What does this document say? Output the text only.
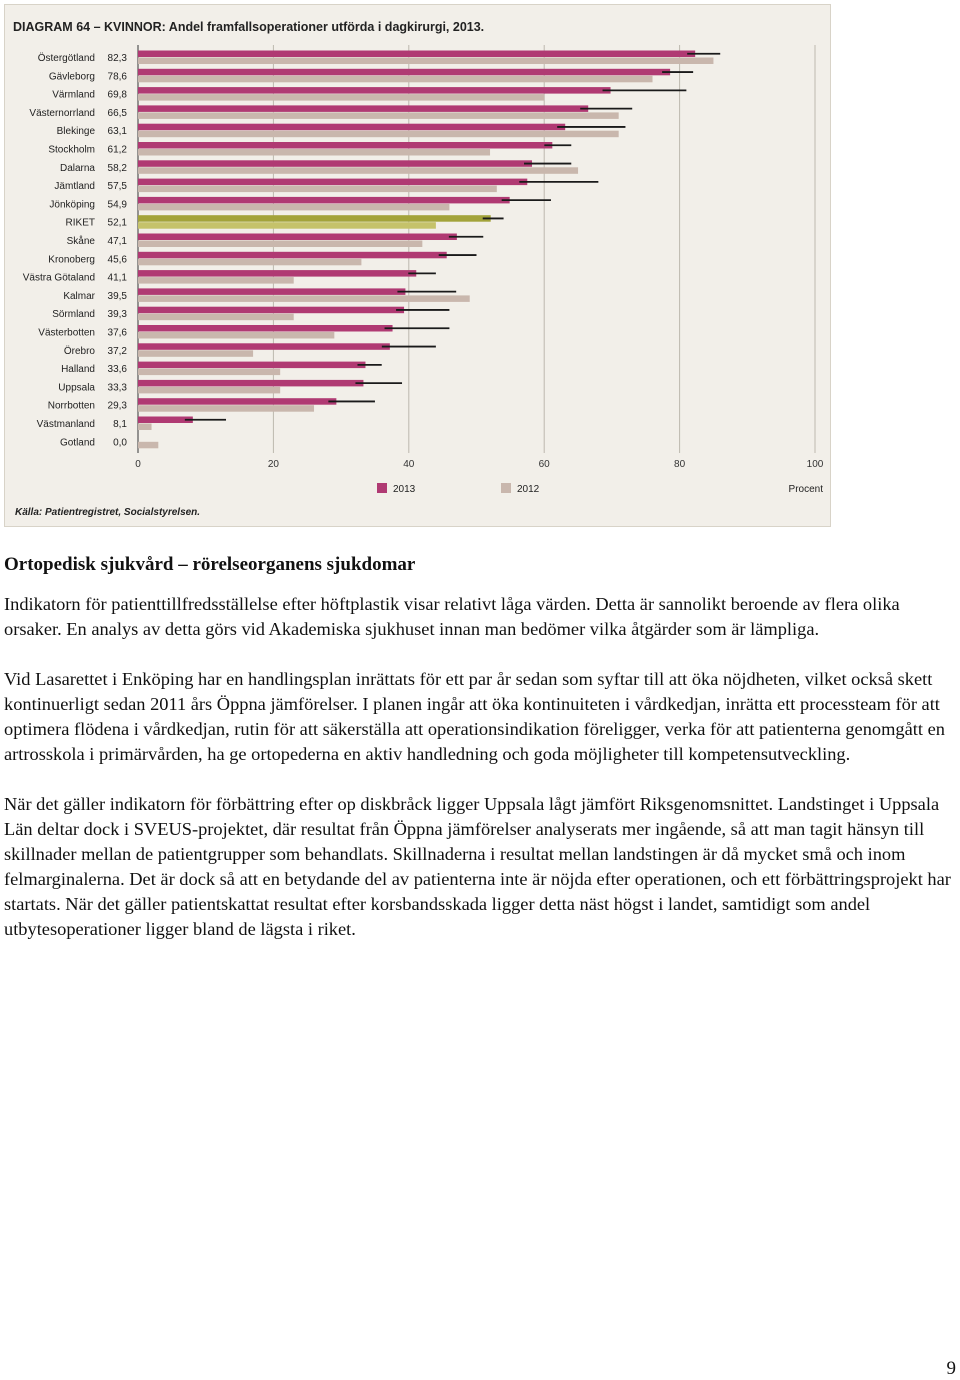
DIAGRAM 64 – KVINNOR: Andel framfallsoperationer utförda i dagkirurgi, 2013.
0	20	40	60	80	100
Östergötland 82,3
Gävleborg 78,6
Värmland 69,8
Västernorrland 66,5
Blekinge 63,1
Stockholm 61,2
Dalarna 58,2
Jämtland 57,5
Jönköping 54,9
RIKET 52,1
Skåne 47,1
Kronoberg 45,6
Västra Götaland 41,1
Kalmar 39,5
Sörmland 39,3
Västerbotten 37,6
Örebro 37,2
Halland 33,6
Uppsala 33,3
Norrbotten 29,3
Västmanland 8,1
Gotland 0,0
2013	2012	Procent
Källa: Patientregistret, Socialstyrelsen.

Ortopedisk sjukvård – rörelseorganens sjukdomar

Indikatorn för patienttillfredsställelse efter höftplastik visar relativt låga värden. Detta är sannolikt beroende av flera olika orsaker. En analys av detta görs vid Akademiska sjukhuset innan man bedömer vilka åtgärder som är lämpliga.

Vid Lasarettet i Enköping har en handlingsplan inrättats för ett par år sedan som syftar till att öka nöjdheten, vilket också skett kontinuerligt sedan 2011 års Öppna jämförelser. I planen ingår att öka kontinuiteten i vårdkedjan, inrätta ett processteam för att optimera flödena i vårdkedjan, rutin för att säkerställa att operationsindikation föreligger, verka för att patienterna genomgått en artrosskola i primärvården, ha ge ortopederna en aktiv handledning och goda möjligheter till kompetensutveckling.

När det gäller indikatorn för förbättring efter op diskbråck ligger Uppsala lågt jämfört Riksgenomsnittet. Landstinget i Uppsala Län deltar dock i SVEUS-projektet, där resultat från Öppna jämförelser analyserats mer ingående, så att man tagit hänsyn till skillnader mellan de patientgrupper som behandlats. Skillnaderna i resultat mellan landstingen är då mycket små och inom felmarginalerna. Det är dock så att en betydande del av patienterna inte är nöjda efter operationen, och ett förbättringsprojekt har startats. När det gäller patientskattat resultat efter korsbandsskada ligger detta näst högst i landet, samtidigt som andel utbytesoperationer ligger bland de lägsta i riket.

9
